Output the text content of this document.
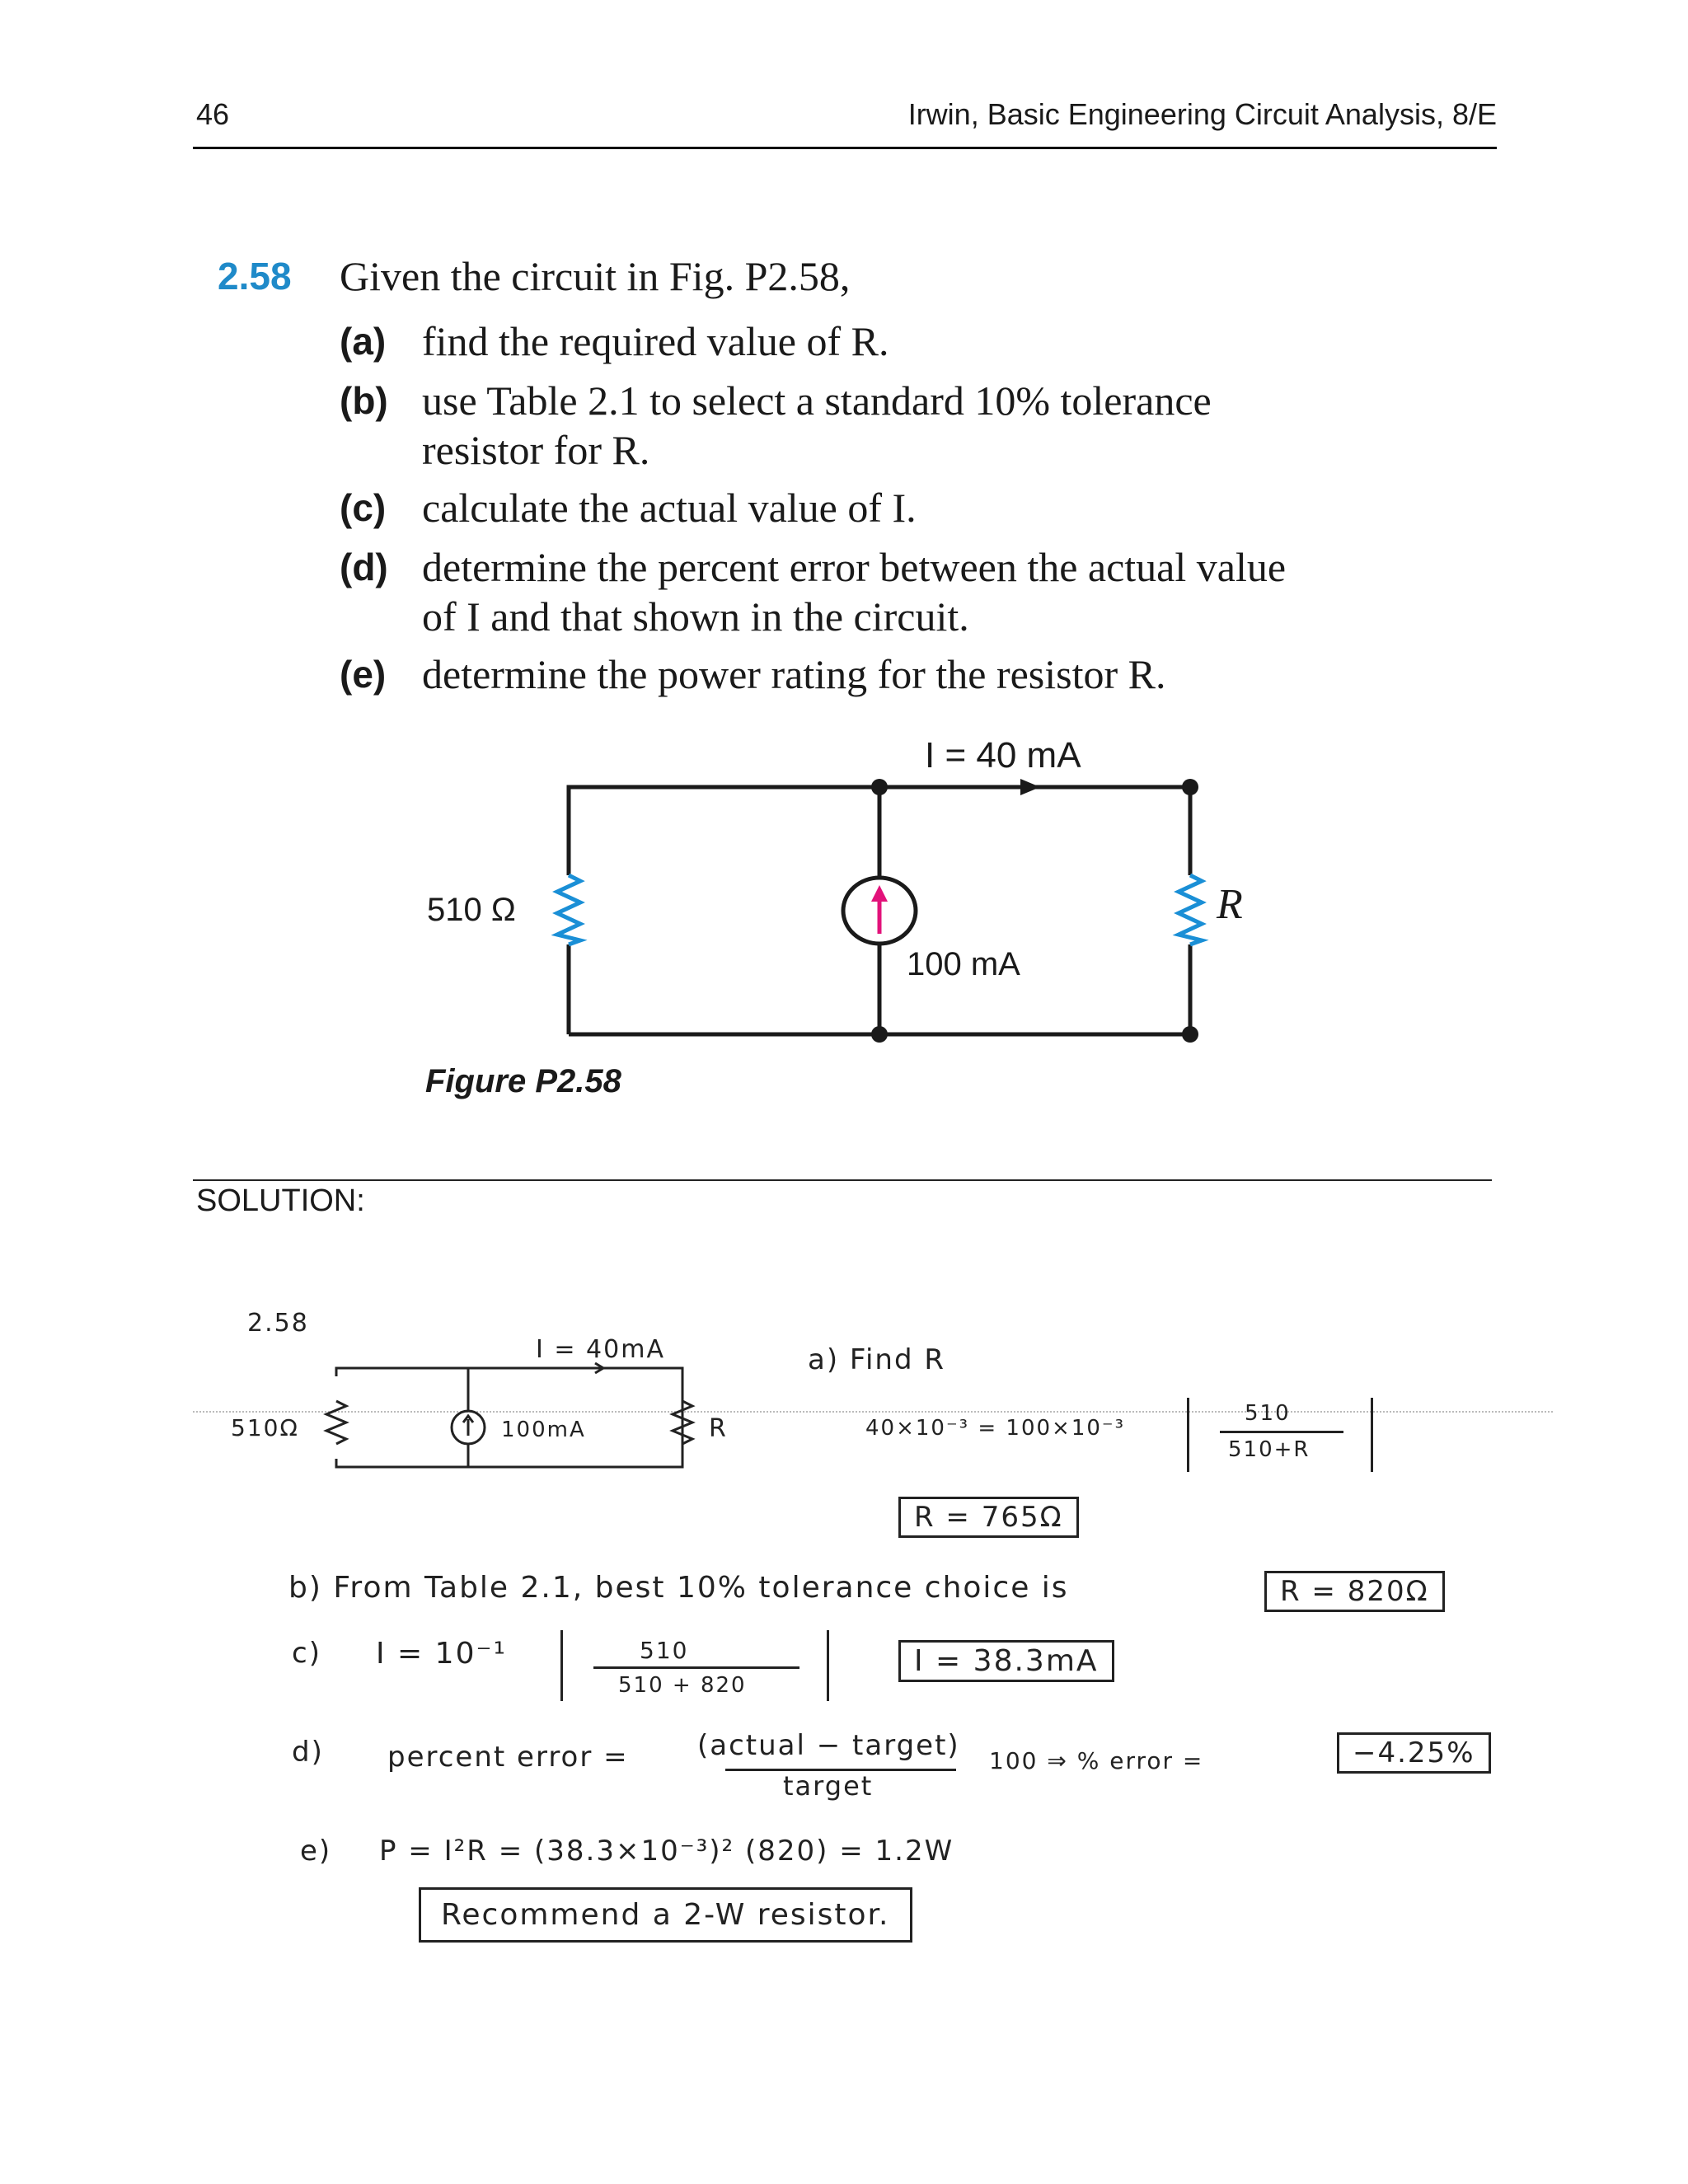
46	Irwin, Basic Engineering Circuit Analysis, 8/E
2.58 Given the circuit in Fig. P2.58,
(a) find the required value of R.
(b) use Table 2.1 to select a standard 10% tolerance
resistor for R.
(c) calculate the actual value of I.
(d) determine the percent error between the actual value
of I and that shown in the circuit.
(e) determine the power rating for the resistor R.
I = 40 mA
510 Ω
100 mA
R
Figure P2.58
SOLUTION:
2.58
I = 40mA
510Ω	100mA	R
a) Find R
40×10⁻³ = 100×10⁻³
510
510+R
R = 765Ω
b) From Table 2.1, best 10% tolerance choice is	R = 820Ω
c) I = 10⁻¹	510
510 + 820
I = 38.3mA
d) percent error = (actual − target)
target
100 ⇒ % error =	−4.25%
e) P = I²R = (38.3×10⁻³)² (820) = 1.2W
Recommend a 2-W resistor.
